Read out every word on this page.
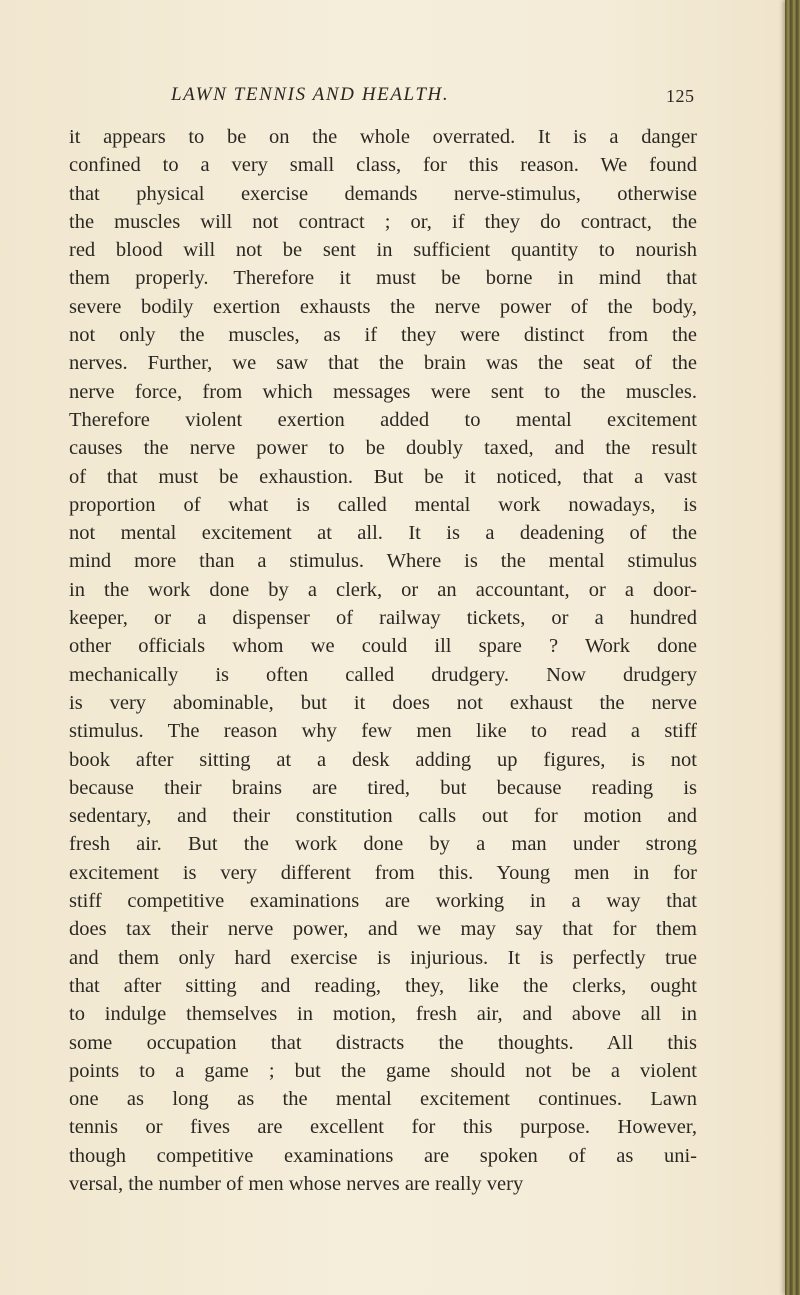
LAWN TENNIS AND HEALTH.	125
it appears to be on the whole overrated. It is a danger
confined to a very small class, for this reason. We found
that physical exercise demands nerve-stimulus, otherwise
the muscles will not contract ; or, if they do contract, the
red blood will not be sent in sufficient quantity to nourish
them properly. Therefore it must be borne in mind that
severe bodily exertion exhausts the nerve power of the body,
not only the muscles, as if they were distinct from the
nerves. Further, we saw that the brain was the seat of the
nerve force, from which messages were sent to the muscles.
Therefore violent exertion added to mental excitement
causes the nerve power to be doubly taxed, and the result
of that must be exhaustion. But be it noticed, that a vast
proportion of what is called mental work nowadays, is
not mental excitement at all. It is a deadening of the
mind more than a stimulus. Where is the mental stimulus
in the work done by a clerk, or an accountant, or a door-
keeper, or a dispenser of railway tickets, or a hundred
other officials whom we could ill spare ? Work done
mechanically is often called drudgery. Now drudgery
is very abominable, but it does not exhaust the nerve
stimulus. The reason why few men like to read a stiff
book after sitting at a desk adding up figures, is not
because their brains are tired, but because reading is
sedentary, and their constitution calls out for motion and
fresh air. But the work done by a man under strong
excitement is very different from this. Young men in for
stiff competitive examinations are working in a way that
does tax their nerve power, and we may say that for them
and them only hard exercise is injurious. It is perfectly true
that after sitting and reading, they, like the clerks, ought
to indulge themselves in motion, fresh air, and above all in
some occupation that distracts the thoughts. All this
points to a game ; but the game should not be a violent
one as long as the mental excitement continues. Lawn
tennis or fives are excellent for this purpose. However,
though competitive examinations are spoken of as uni-
versal, the number of men whose nerves are really very
